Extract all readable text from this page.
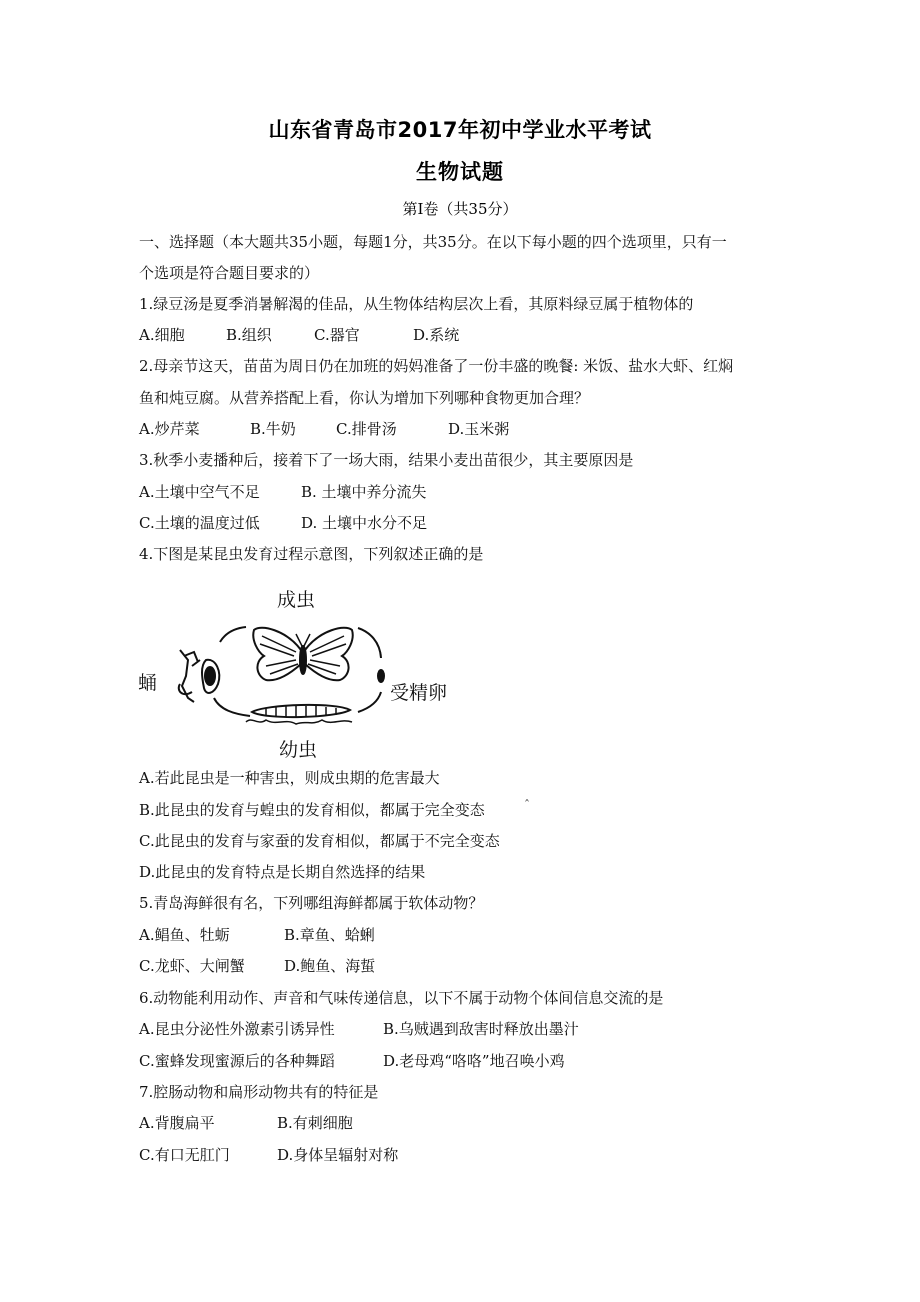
山东省青岛市2017年初中学业水平考试
生物试题
第Ⅰ卷（共35分）
一、选择题（本大题共35小题，每题1分，共35分。在以下每小题的四个选项里，只有一
个选项是符合题目要求的）
1.绿豆汤是夏季消暑解渴的佳品，从生物体结构层次上看，其原料绿豆属于植物体的
A.细胞	B.组织	C.器官	D.系统
2.母亲节这天，苗苗为周日仍在加班的妈妈准备了一份丰盛的晚餐: 米饭、盐水大虾、红焖
鱼和炖豆腐。从营养搭配上看，你认为增加下列哪种食物更加合理？
A.炒芹菜	B.牛奶	C.排骨汤	D.玉米粥
3.秋季小麦播种后，接着下了一场大雨，结果小麦出苗很少，其主要原因是
A.土壤中空气不足	B. 土壤中养分流失
C.土壤的温度过低	D. 土壤中水分不足
4.下图是某昆虫发育过程示意图，下列叙述正确的是
成虫
蛹	受精卵
幼虫
A.若此昆虫是一种害虫，则成虫期的危害最大
B.此昆虫的发育与蝗虫的发育相似，都属于完全变态	ˆ
C.此昆虫的发育与家蚕的发育相似，都属于不完全变态
D.此昆虫的发育特点是长期自然选择的结果
5.青岛海鲜很有名，下列哪组海鲜都属于软体动物？
A.鲳鱼、牡蛎	B.章鱼、蛤蜊
C.龙虾、大闸蟹	D.鲍鱼、海蜇
6.动物能利用动作、声音和气味传递信息，以下不属于动物个体间信息交流的是
A.昆虫分泌性外激素引诱异性	B.乌贼遇到敌害时释放出墨汁
C.蜜蜂发现蜜源后的各种舞蹈	D.老母鸡“咯咯”地召唤小鸡
7.腔肠动物和扁形动物共有的特征是
A.背腹扁平	B.有刺细胞
C.有口无肛门	D.身体呈辐射对称
